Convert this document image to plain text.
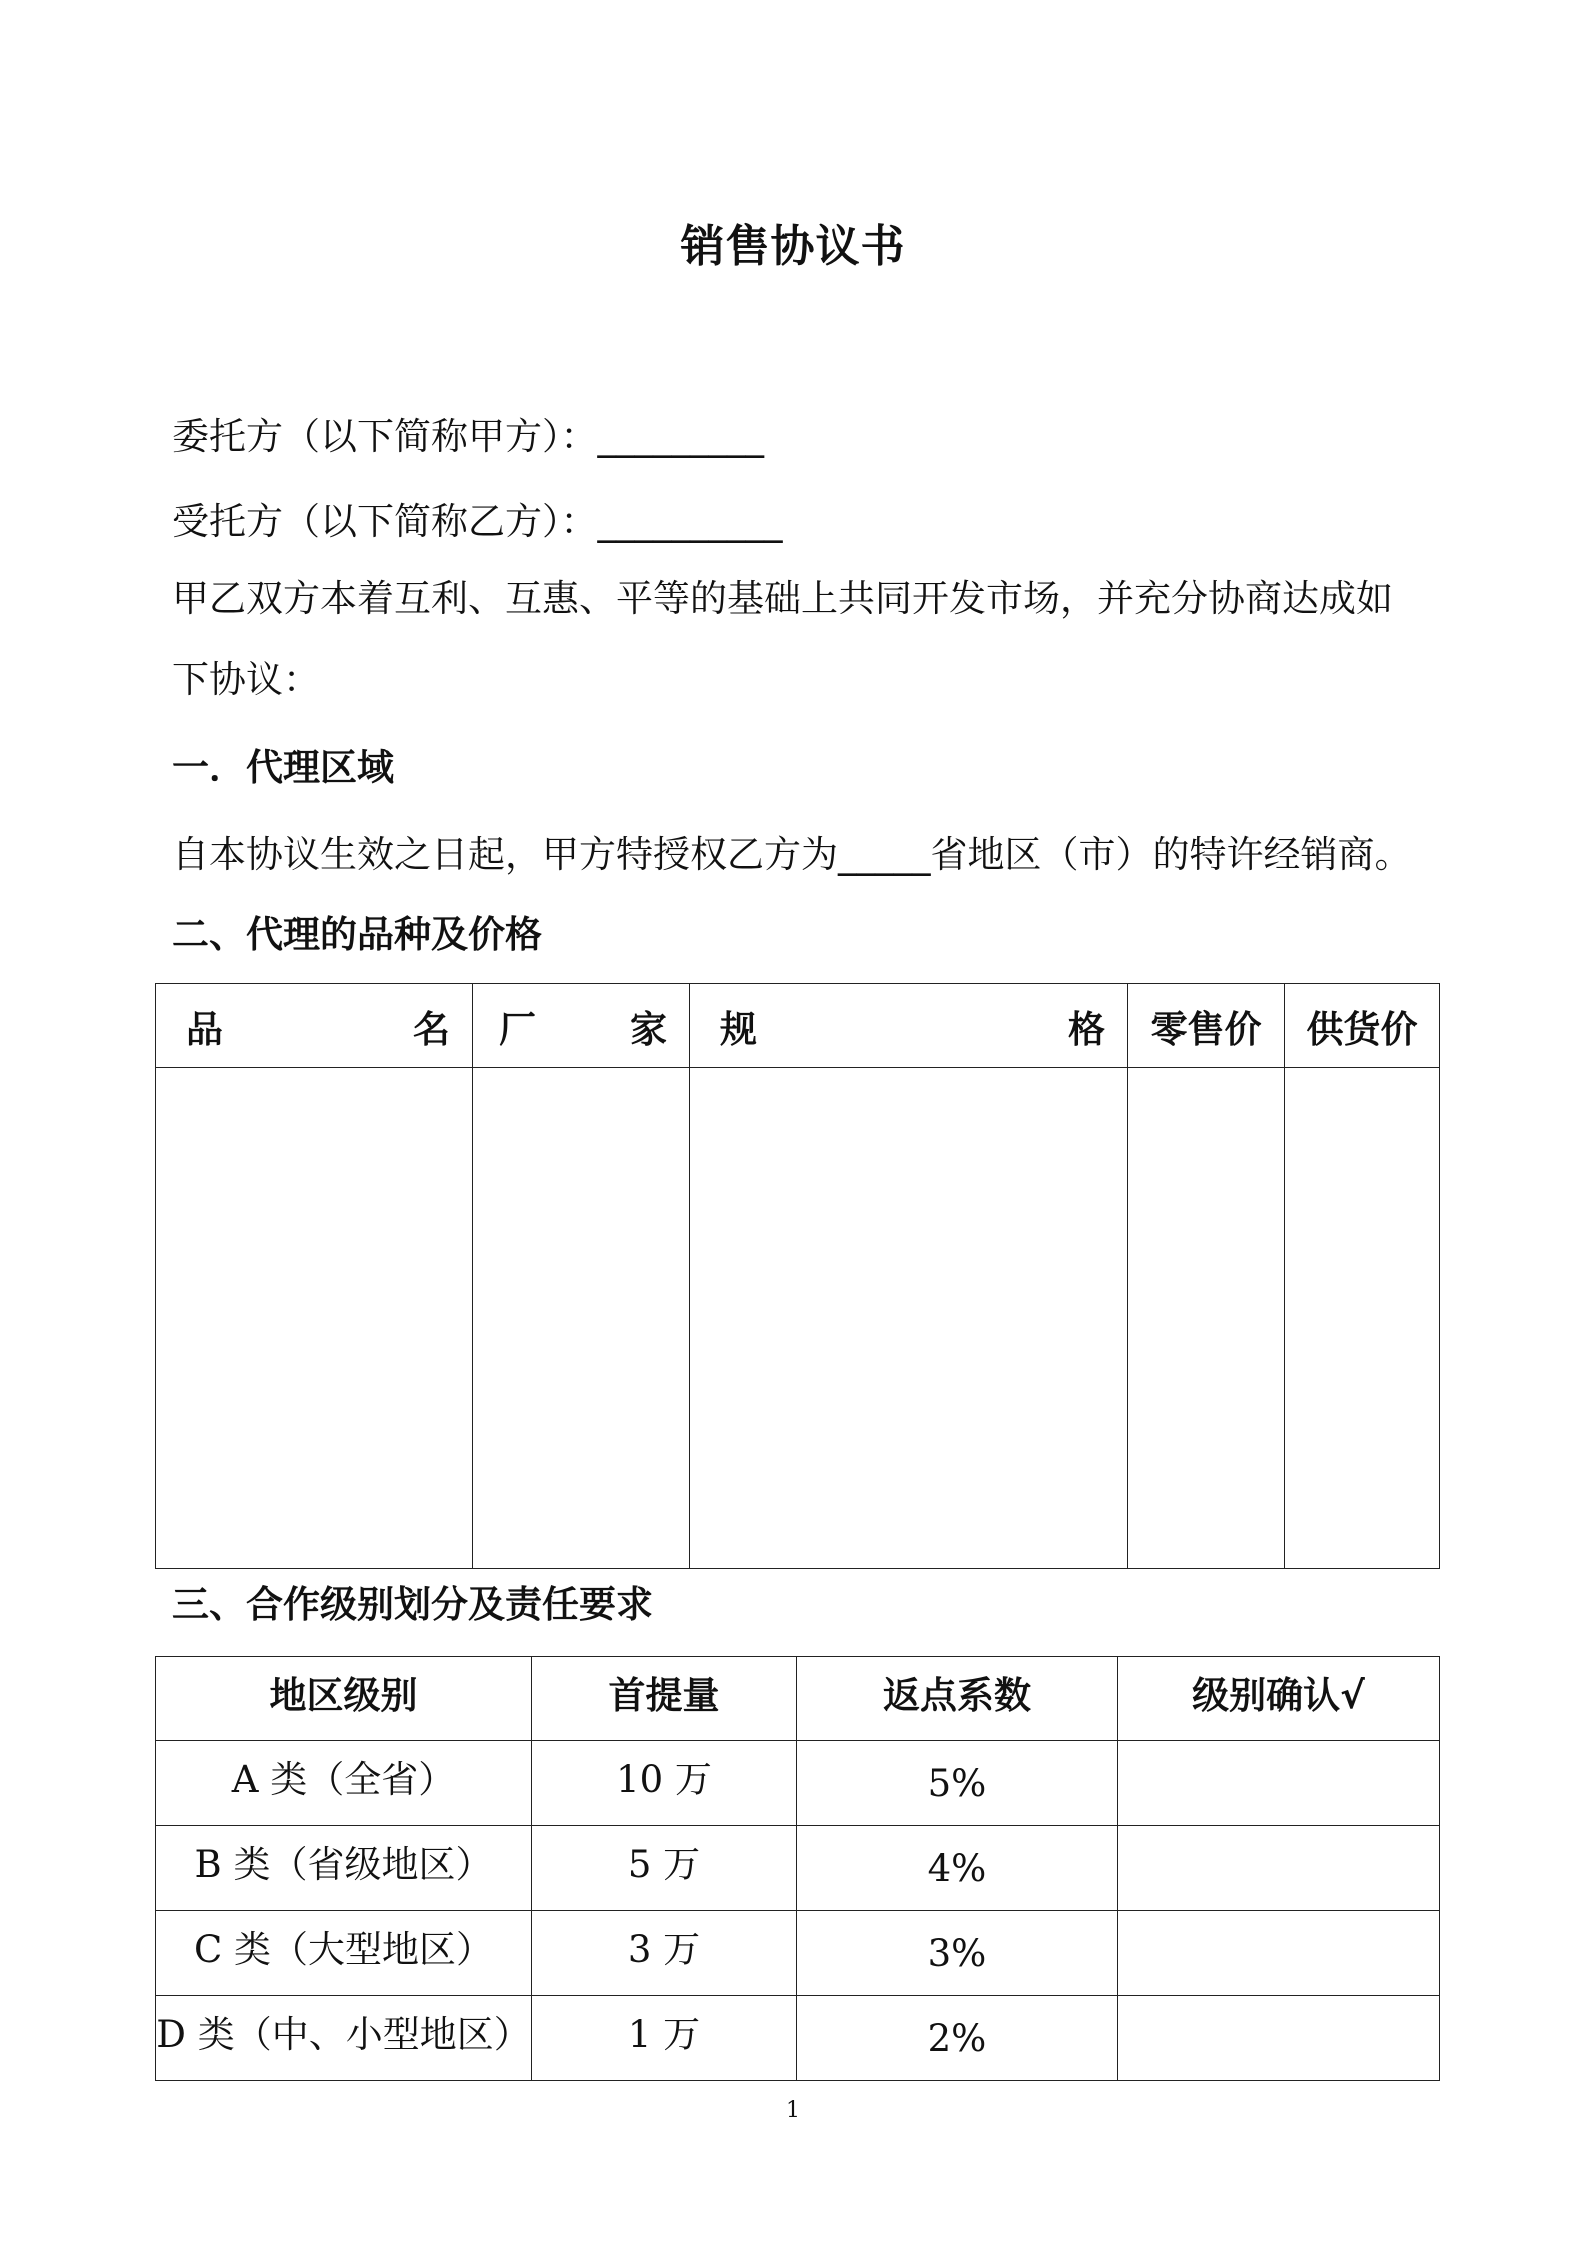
销售协议书
委托方（以下简称甲方）：_________
受托方（以下简称乙方）：__________
甲乙双方本着互利、互惠、平等的基础上共同开发市场，并充分协商达成如
下协议：
一．代理区域
自本协议生效之日起，甲方特授权乙方为_____省地区（市）的特许经销商。
二、代理的品种及价格
品 名	厂 家	规 格	零售价	供货价

三、合作级别划分及责任要求
地区级别	首提量	返点系数	级别确认√
A 类（全省）	10 万	5%	
B 类（省级地区）	5 万	4%	
C 类（大型地区）	3 万	3%	
D 类（中、小型地区）	1 万	2%	
1
